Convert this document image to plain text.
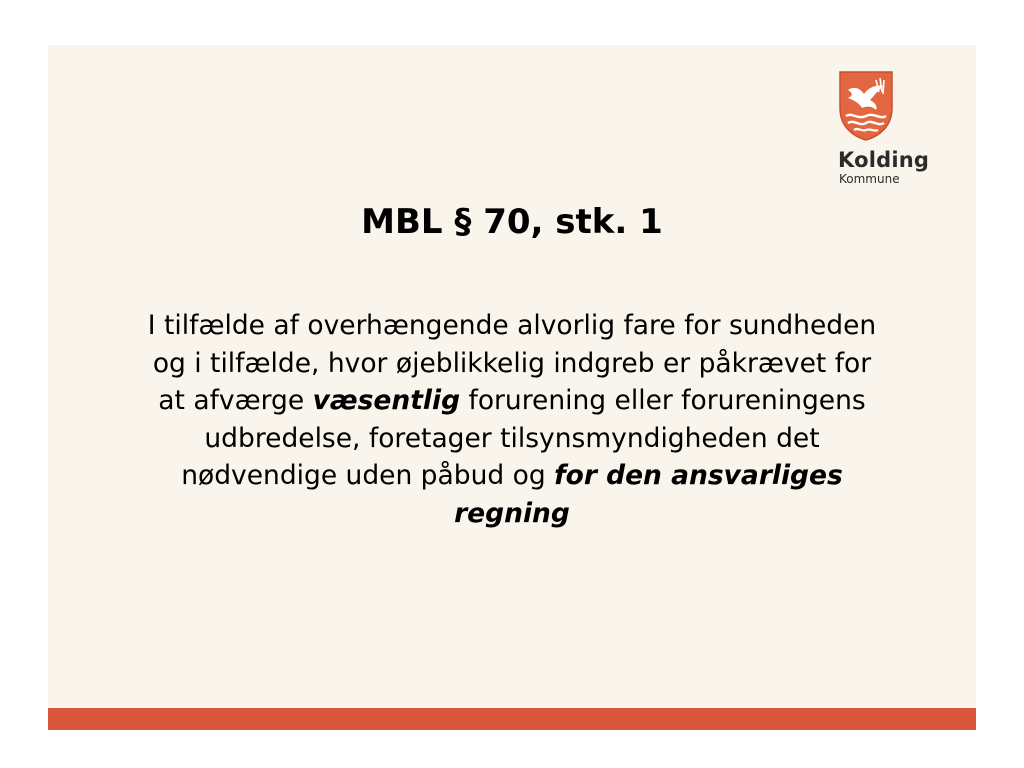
Kolding
Kommune
MBL § 70, stk. 1

I tilfælde af overhængende alvorlig fare for sundheden og i tilfælde, hvor øjeblikkelig indgreb er påkrævet for at afværge væsentlig forurening eller forureningens udbredelse, foretager tilsynsmyndigheden det nødvendige uden påbud og for den ansvarliges regning
